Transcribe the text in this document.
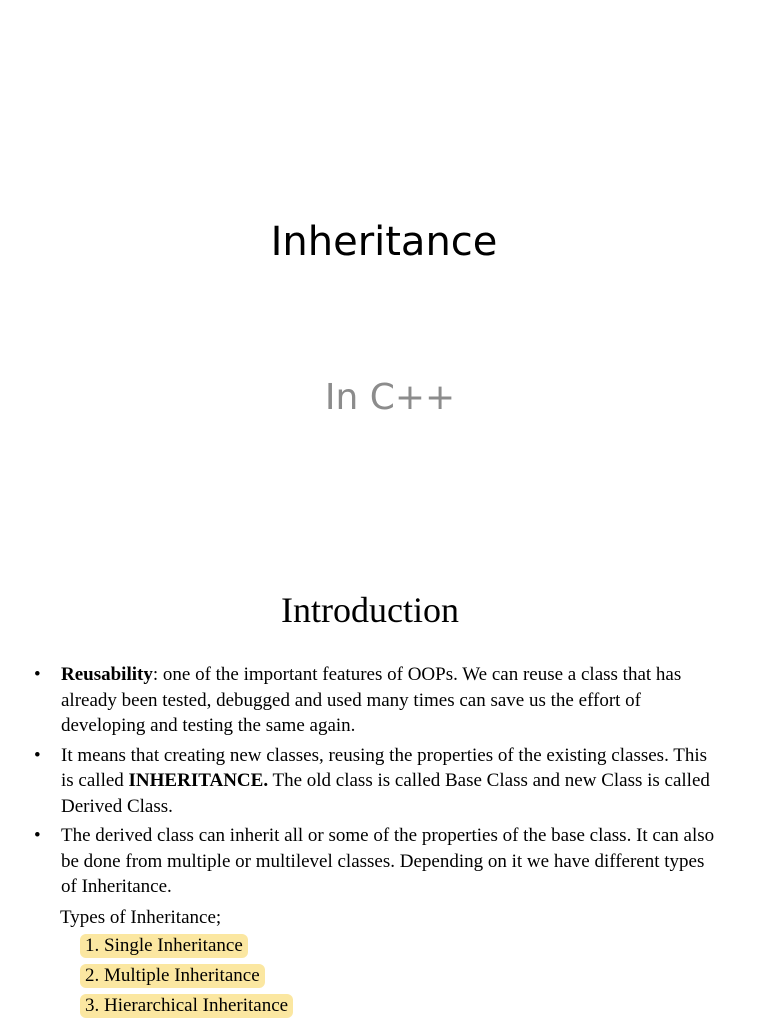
Inheritance
In C++
Introduction
• Reusability: one of the important features of OOPs. We can reuse a class that has already been tested, debugged and used many times can save us the effort of developing and testing the same again.
• It means that creating new classes, reusing the properties of the existing classes. This is called INHERITANCE. The old class is called Base Class and new Class is called Derived Class.
• The derived class can inherit all or some of the properties of the base class. It can also be done from multiple or multilevel classes. Depending on it we have different types of Inheritance.
Types of Inheritance;
1. Single Inheritance
2. Multiple Inheritance
3. Hierarchical Inheritance
